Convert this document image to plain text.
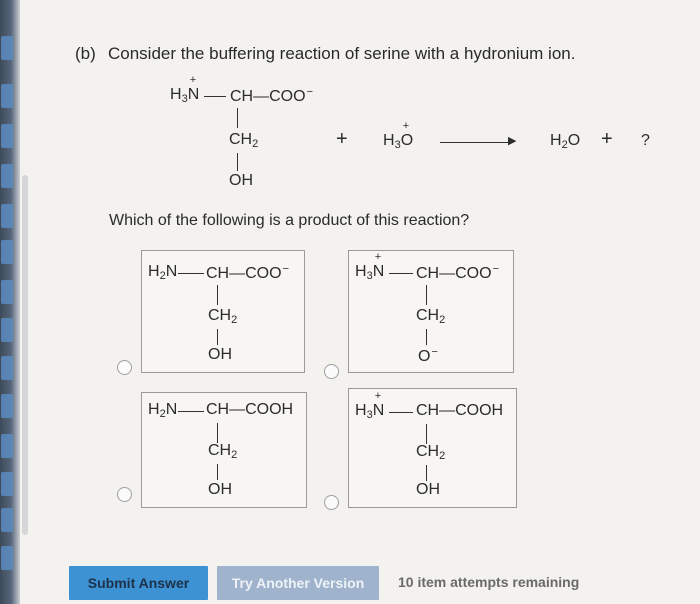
(b) Consider the buffering reaction of serine with a hydronium ion.
$H_3+ N$ CH—COO−
$CH_2$
OH
+ $H_3+ O$	▶ $H_2O$ + ?
Which of the following is a product of this reaction?
$H_2N$ CH—COO−
$CH_2$
OH
$H_3+ N$ CH—COO−
$CH_2$
O−
$H_2N$ CH—COOH
$CH_2$
OH
$H_3+ N$ CH—COOH
$CH_2$
OH
Submit Answer	Try Another Version	10 item attempts remaining
